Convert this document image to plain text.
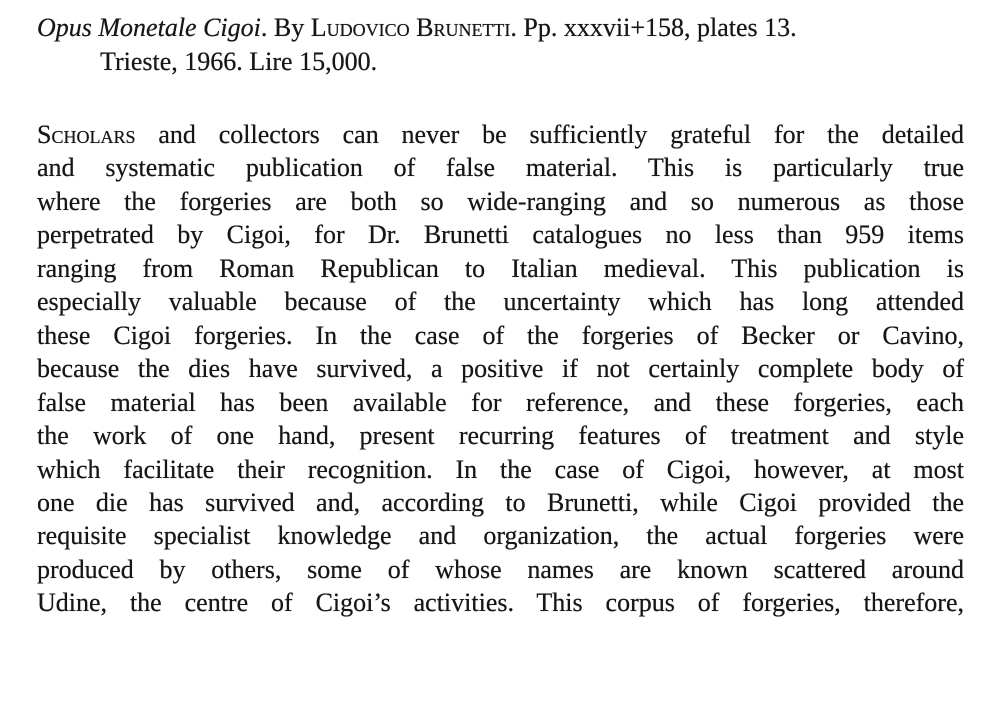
Opus Monetale Cigoi. By Ludovico Brunetti. Pp. xxxvii+158, plates 13.
Trieste, 1966. Lire 15,000.
Scholars and collectors can never be sufficiently grateful for the detailed
and systematic publication of false material. This is particularly true
where the forgeries are both so wide-ranging and so numerous as those
perpetrated by Cigoi, for Dr. Brunetti catalogues no less than 959 items
ranging from Roman Republican to Italian medieval. This publication is
especially valuable because of the uncertainty which has long attended
these Cigoi forgeries. In the case of the forgeries of Becker or Cavino,
because the dies have survived, a positive if not certainly complete body of
false material has been available for reference, and these forgeries, each
the work of one hand, present recurring features of treatment and style
which facilitate their recognition. In the case of Cigoi, however, at most
one die has survived and, according to Brunetti, while Cigoi provided the
requisite specialist knowledge and organization, the actual forgeries were
produced by others, some of whose names are known scattered around
Udine, the centre of Cigoi’s activities. This corpus of forgeries, therefore,
